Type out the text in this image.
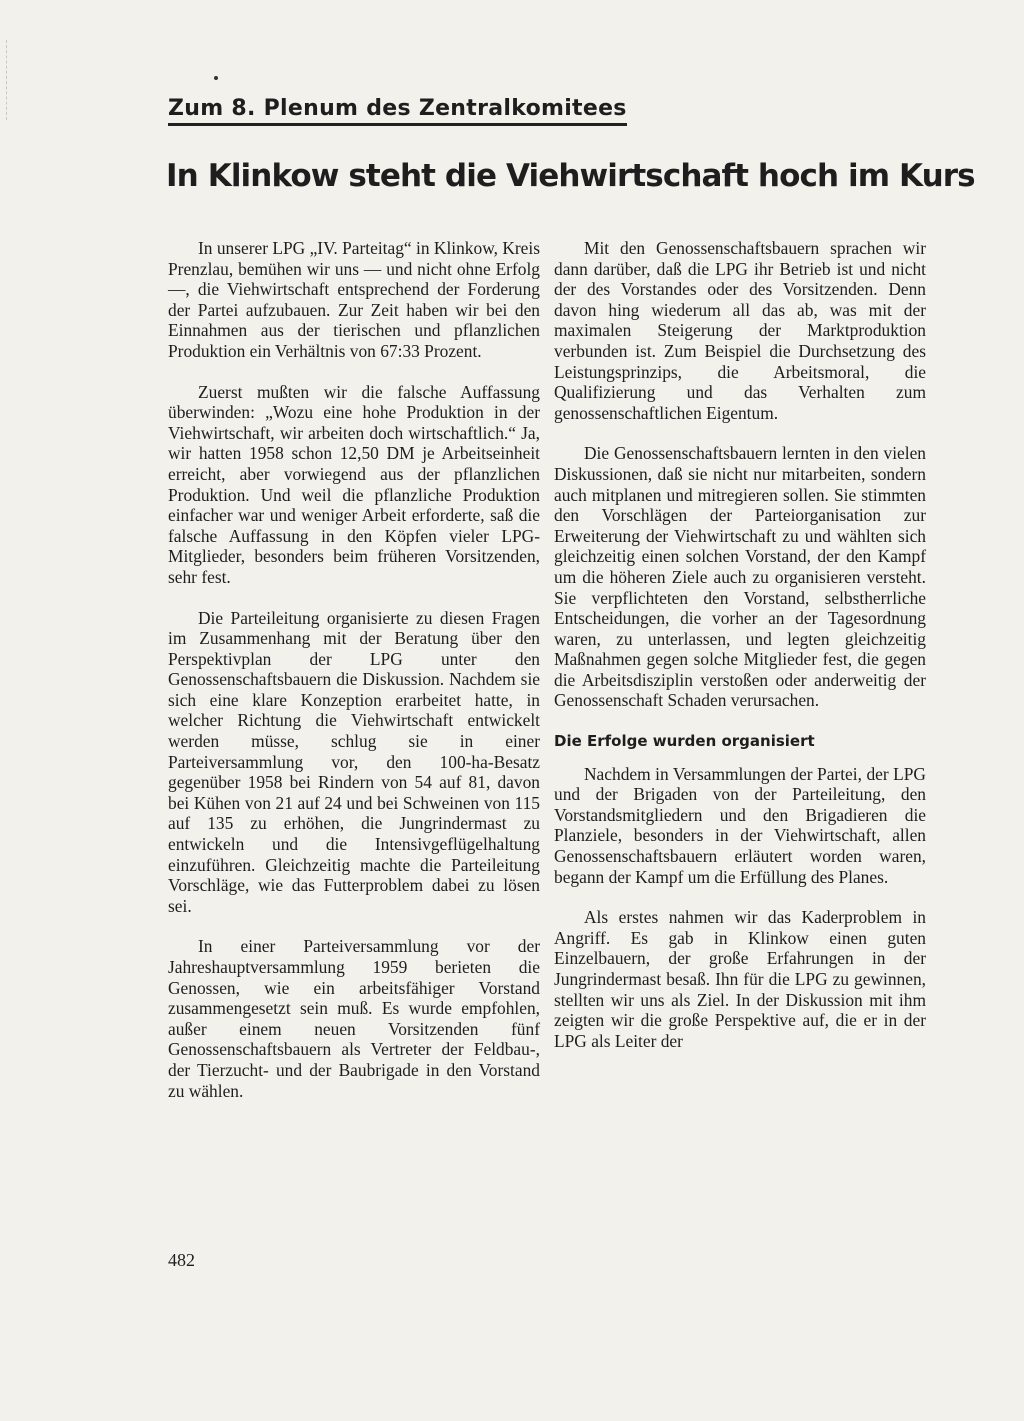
Zum 8. Plenum des Zentralkomitees
In Klinkow steht die Viehwirtschaft hoch im Kurs

In unserer LPG „IV. Parteitag“ in Klinkow, Kreis Prenzlau, bemühen wir uns — und nicht ohne Erfolg —, die Viehwirtschaft entsprechend der Forderung der Partei aufzubauen. Zur Zeit haben wir bei den Einnahmen aus der tierischen und pflanzlichen Produktion ein Verhältnis von 67:33 Prozent.

Zuerst mußten wir die falsche Auffassung überwinden: „Wozu eine hohe Produktion in der Viehwirtschaft, wir arbeiten doch wirtschaftlich.“ Ja, wir hatten 1958 schon 12,50 DM je Arbeitseinheit erreicht, aber vorwiegend aus der pflanzlichen Produktion. Und weil die pflanzliche Produktion einfacher war und weniger Arbeit erforderte, saß die falsche Auffassung in den Köpfen vieler LPG-Mitglieder, besonders beim früheren Vorsitzenden, sehr fest.

Die Parteileitung organisierte zu diesen Fragen im Zusammenhang mit der Beratung über den Perspektivplan der LPG unter den Genossenschaftsbauern die Diskussion. Nachdem sie sich eine klare Konzeption erarbeitet hatte, in welcher Richtung die Viehwirtschaft entwickelt werden müsse, schlug sie in einer Parteiversammlung vor, den 100-ha-Besatz gegenüber 1958 bei Rindern von 54 auf 81, davon bei Kühen von 21 auf 24 und bei Schweinen von 115 auf 135 zu erhöhen, die Jungrindermast zu entwickeln und die Intensivgeflügelhaltung einzuführen. Gleichzeitig machte die Parteileitung Vorschläge, wie das Futterproblem dabei zu lösen sei.

In einer Parteiversammlung vor der Jahreshauptversammlung 1959 berieten die Genossen, wie ein arbeitsfähiger Vorstand zusammengesetzt sein muß. Es wurde empfohlen, außer einem neuen Vorsitzenden fünf Genossenschaftsbauern als Vertreter der Feldbau-, der Tierzucht- und der Baubrigade in den Vorstand zu wählen.

Mit den Genossenschaftsbauern sprachen wir dann darüber, daß die LPG ihr Betrieb ist und nicht der des Vorstandes oder des Vorsitzenden. Denn davon hing wiederum all das ab, was mit der maximalen Steigerung der Marktproduktion verbunden ist. Zum Beispiel die Durchsetzung des Leistungsprinzips, die Arbeitsmoral, die Qualifizierung und das Verhalten zum genossenschaftlichen Eigentum.

Die Genossenschaftsbauern lernten in den vielen Diskussionen, daß sie nicht nur mitarbeiten, sondern auch mitplanen und mitregieren sollen. Sie stimmten den Vorschlägen der Parteiorganisation zur Erweiterung der Viehwirtschaft zu und wählten sich gleichzeitig einen solchen Vorstand, der den Kampf um die höheren Ziele auch zu organisieren versteht. Sie verpflichteten den Vorstand, selbstherrliche Entscheidungen, die vorher an der Tagesordnung waren, zu unterlassen, und legten gleichzeitig Maßnahmen gegen solche Mitglieder fest, die gegen die Arbeitsdisziplin verstoßen oder anderweitig der Genossenschaft Schaden verursachen.

Die Erfolge wurden organisiert

Nachdem in Versammlungen der Partei, der LPG und der Brigaden von der Parteileitung, den Vorstandsmitgliedern und den Brigadieren die Planziele, besonders in der Viehwirtschaft, allen Genossenschaftsbauern erläutert worden waren, begann der Kampf um die Erfüllung des Planes.

Als erstes nahmen wir das Kaderproblem in Angriff. Es gab in Klinkow einen guten Einzelbauern, der große Erfahrungen in der Jungrindermast besaß. Ihn für die LPG zu gewinnen, stellten wir uns als Ziel. In der Diskussion mit ihm zeigten wir die große Perspektive auf, die er in der LPG als Leiter der

482
